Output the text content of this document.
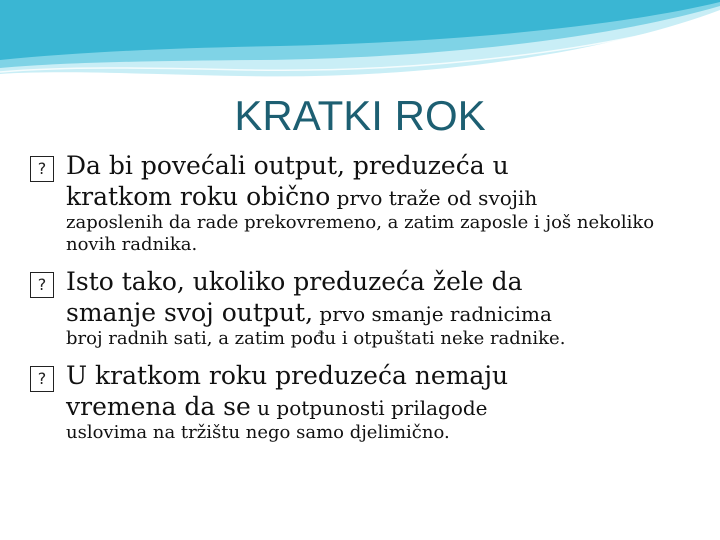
KRATKI ROK
? Da bi povećali output, preduzeća u
kratkom roku obično prvo traže od svojih
zaposlenih da rade prekovremeno, a zatim zaposle i još nekoliko novih radnika.
? Isto tako, ukoliko preduzeća žele da
smanje svoj output, prvo smanje radnicima
broj radnih sati, a zatim pođu i otpuštati neke radnike.
? U kratkom roku preduzeća nemaju
vremena da se u potpunosti prilagode
uslovima na tržištu nego samo djelimično.
